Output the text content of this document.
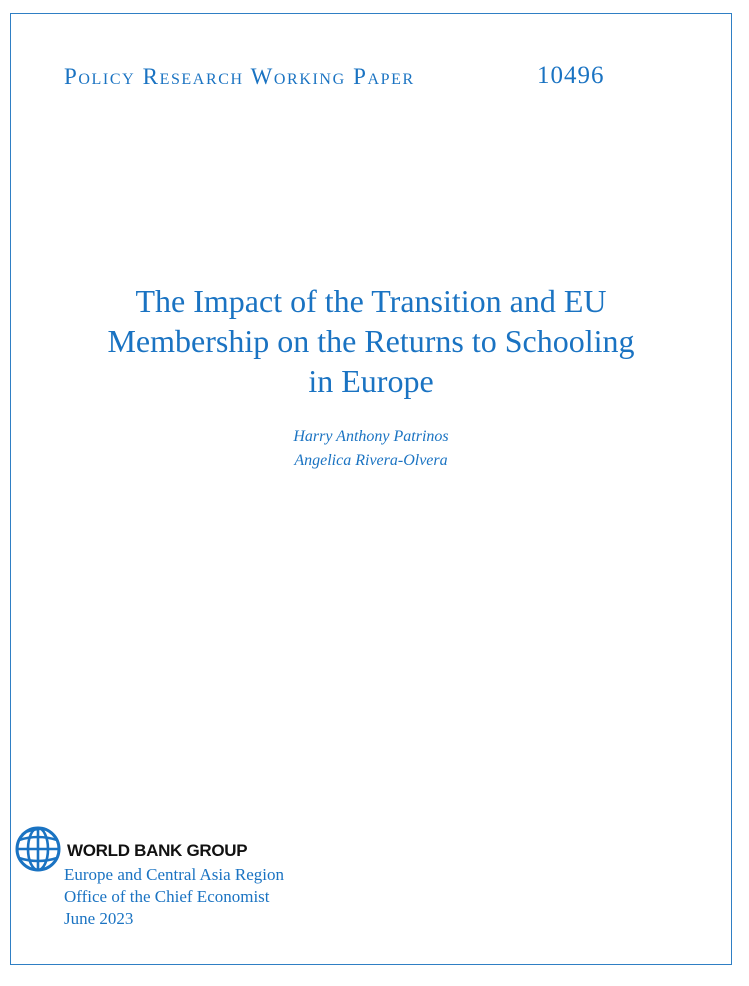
Policy Research Working Paper	10496
The Impact of the Transition and EU
Membership on the Returns to Schooling
in Europe
Harry Anthony Patrinos
Angelica Rivera-Olvera
WORLD BANK GROUP
Europe and Central Asia Region
Office of the Chief Economist
June 2023
